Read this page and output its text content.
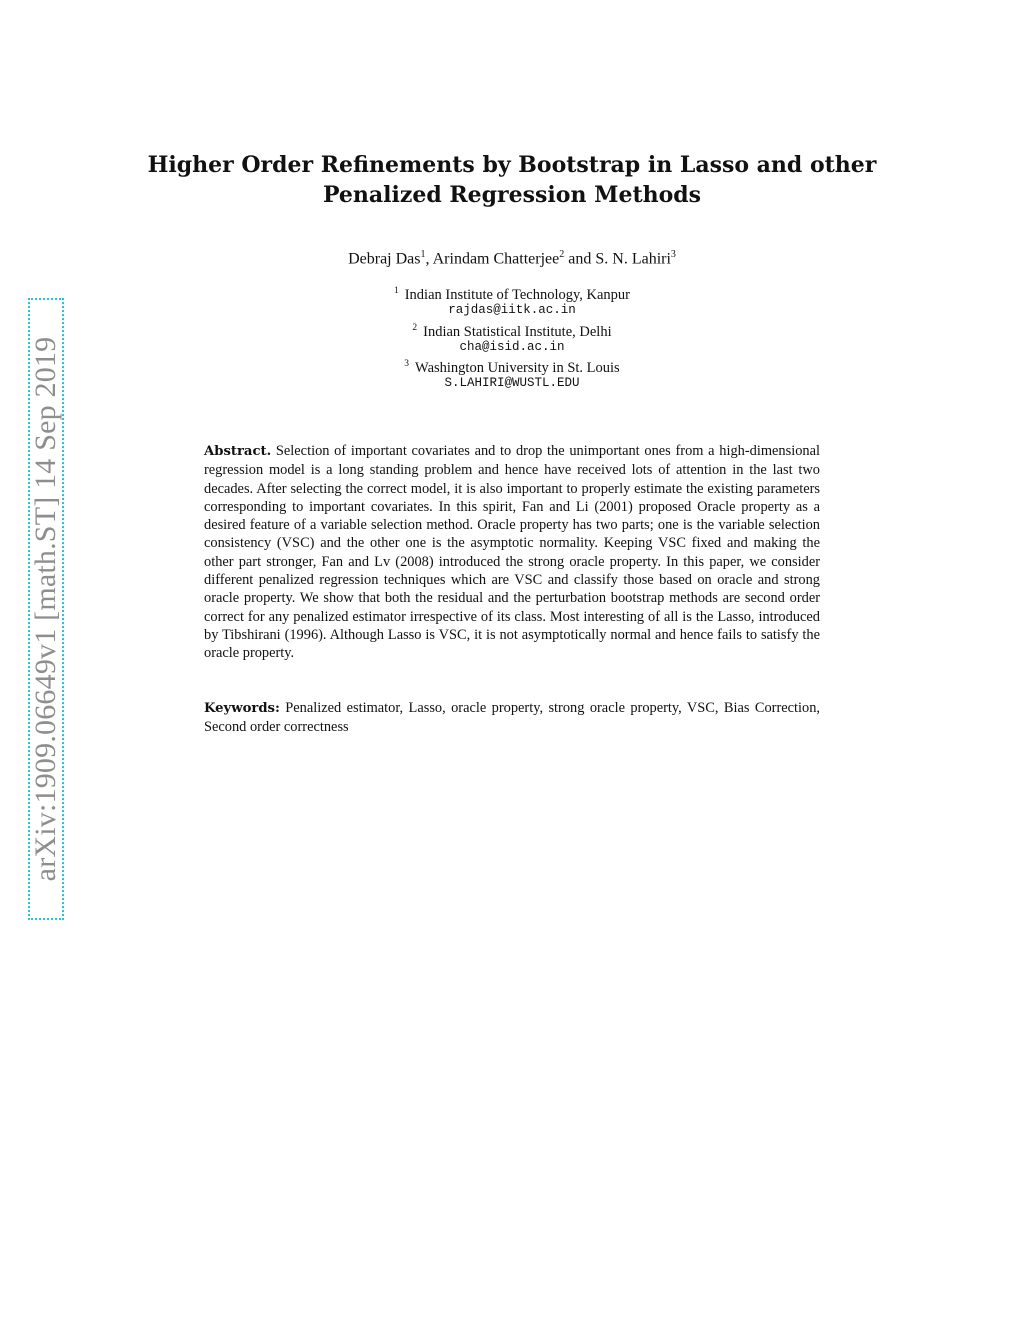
arXiv:1909.06649v1 [math.ST] 14 Sep 2019
Higher Order Refinements by Bootstrap in Lasso and other
Penalized Regression Methods
Debraj Das$^1$, Arindam Chatterjee$^2$ and S. N. Lahiri$^3$
$^1$ Indian Institute of Technology, Kanpur
rajdas@iitk.ac.in
$^2$ Indian Statistical Institute, Delhi
cha@isid.ac.in
$^3$ Washington University in St. Louis
S.LAHIRI@WUSTL.EDU
Abstract. Selection of important covariates and to drop the unimportant ones from a high-dimensional regression model is a long standing problem and hence have received lots of attention in the last two decades. After selecting the correct model, it is also important to properly estimate the existing parameters corresponding to important covariates. In this spirit, Fan and Li (2001) proposed Oracle property as a desired feature of a variable selection method. Oracle property has two parts; one is the variable selection consistency (VSC) and the other one is the asymptotic normality. Keeping VSC fixed and making the other part stronger, Fan and Lv (2008) introduced the strong oracle property. In this paper, we consider different penalized regression techniques which are VSC and classify those based on oracle and strong oracle property. We show that both the residual and the perturbation bootstrap methods are second order correct for any penalized estimator irrespective of its class. Most interesting of all is the Lasso, introduced by Tibshirani (1996). Although Lasso is VSC, it is not asymptotically normal and hence fails to satisfy the oracle property.
Keywords: Penalized estimator, Lasso, oracle property, strong oracle property, VSC, Bias Correction, Second order correctness
